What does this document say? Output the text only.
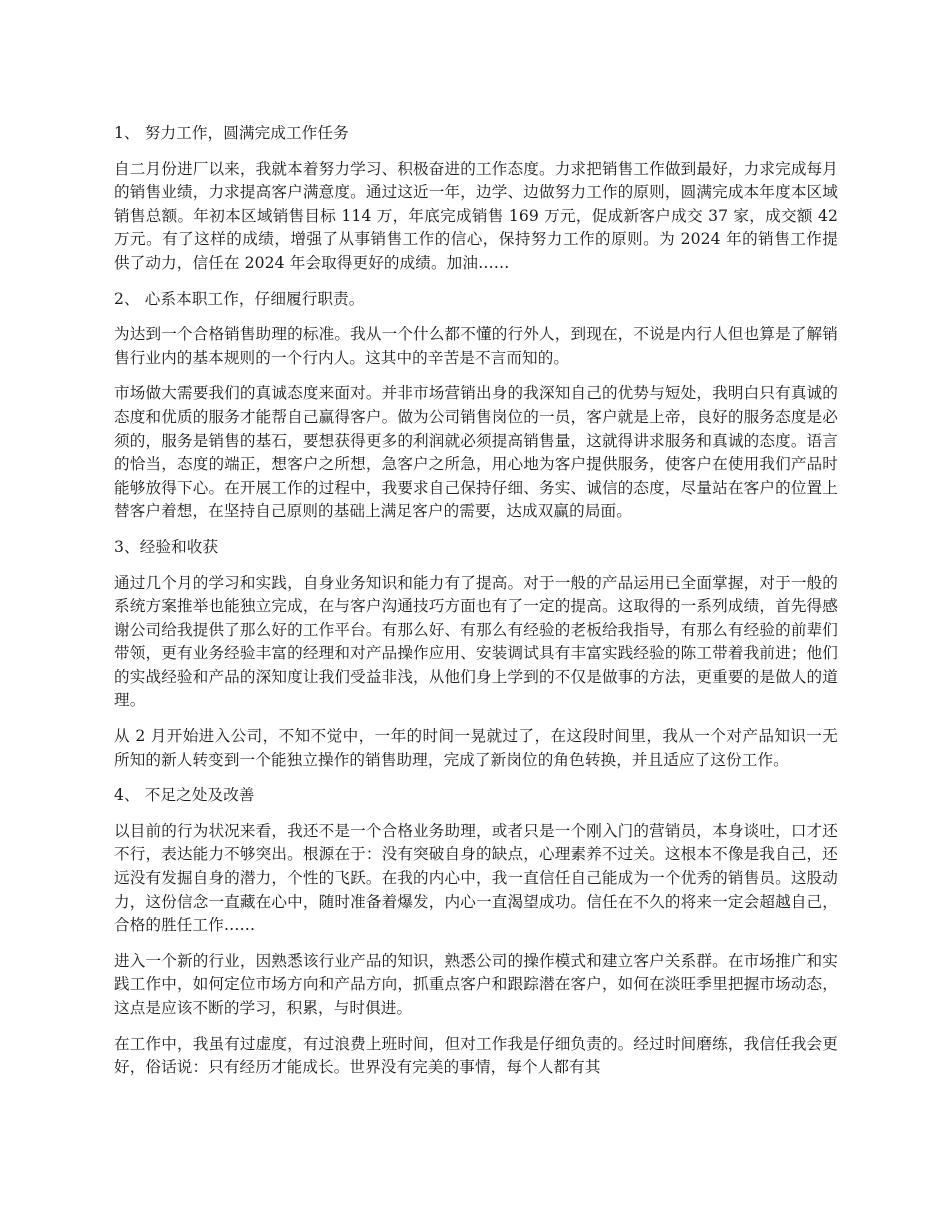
1、 努力工作，圆满完成工作任务
自二月份进厂以来，我就本着努力学习、积极奋进的工作态度。力求把销售工作做到最好，力求完成每月的销售业绩，力求提高客户满意度。通过这近一年，边学、边做努力工作的原则，圆满完成本年度本区域销售总额。年初本区域销售目标 114 万，年底完成销售 169 万元，促成新客户成交 37 家，成交额 42 万元。有了这样的成绩，增强了从事销售工作的信心，保持努力工作的原则。为 2024 年的销售工作提供了动力，信任在 2024 年会取得更好的成绩。加油……
2、 心系本职工作，仔细履行职责。
为达到一个合格销售助理的标准。我从一个什么都不懂的行外人，到现在，不说是内行人但也算是了解销售行业内的基本规则的一个行内人。这其中的辛苦是不言而知的。
市场做大需要我们的真诚态度来面对。并非市场营销出身的我深知自己的优势与短处，我明白只有真诚的态度和优质的服务才能帮自己赢得客户。做为公司销售岗位的一员，客户就是上帝，良好的服务态度是必须的，服务是销售的基石，要想获得更多的利润就必须提高销售量，这就得讲求服务和真诚的态度。语言的恰当，态度的端正，想客户之所想，急客户之所急，用心地为客户提供服务，使客户在使用我们产品时能够放得下心。在开展工作的过程中，我要求自己保持仔细、务实、诚信的态度，尽量站在客户的位置上替客户着想，在坚持自己原则的基础上满足客户的需要，达成双赢的局面。
3、经验和收获
通过几个月的学习和实践，自身业务知识和能力有了提高。对于一般的产品运用已全面掌握，对于一般的系统方案推举也能独立完成，在与客户沟通技巧方面也有了一定的提高。这取得的一系列成绩，首先得感谢公司给我提供了那么好的工作平台。有那么好、有那么有经验的老板给我指导，有那么有经验的前辈们带领，更有业务经验丰富的经理和对产品操作应用、安装调试具有丰富实践经验的陈工带着我前进；他们的实战经验和产品的深知度让我们受益非浅，从他们身上学到的不仅是做事的方法，更重要的是做人的道理。
从 2 月开始进入公司，不知不觉中，一年的时间一晃就过了，在这段时间里，我从一个对产品知识一无所知的新人转变到一个能独立操作的销售助理，完成了新岗位的角色转换，并且适应了这份工作。
4、 不足之处及改善
以目前的行为状况来看，我还不是一个合格业务助理，或者只是一个刚入门的营销员，本身谈吐，口才还不行，表达能力不够突出。根源在于：没有突破自身的缺点，心理素养不过关。这根本不像是我自己，还远没有发掘自身的潜力，个性的飞跃。在我的内心中，我一直信任自己能成为一个优秀的销售员。这股动力，这份信念一直藏在心中，随时准备着爆发，内心一直渴望成功。信任在不久的将来一定会超越自己，合格的胜任工作……
进入一个新的行业，因熟悉该行业产品的知识，熟悉公司的操作模式和建立客户关系群。在市场推广和实践工作中，如何定位市场方向和产品方向，抓重点客户和跟踪潜在客户，如何在淡旺季里把握市场动态，这点是应该不断的学习，积累，与时俱进。
在工作中，我虽有过虚度，有过浪费上班时间，但对工作我是仔细负责的。经过时间磨练，我信任我会更好，俗话说：只有经历才能成长。世界没有完美的事情，每个人都有其
